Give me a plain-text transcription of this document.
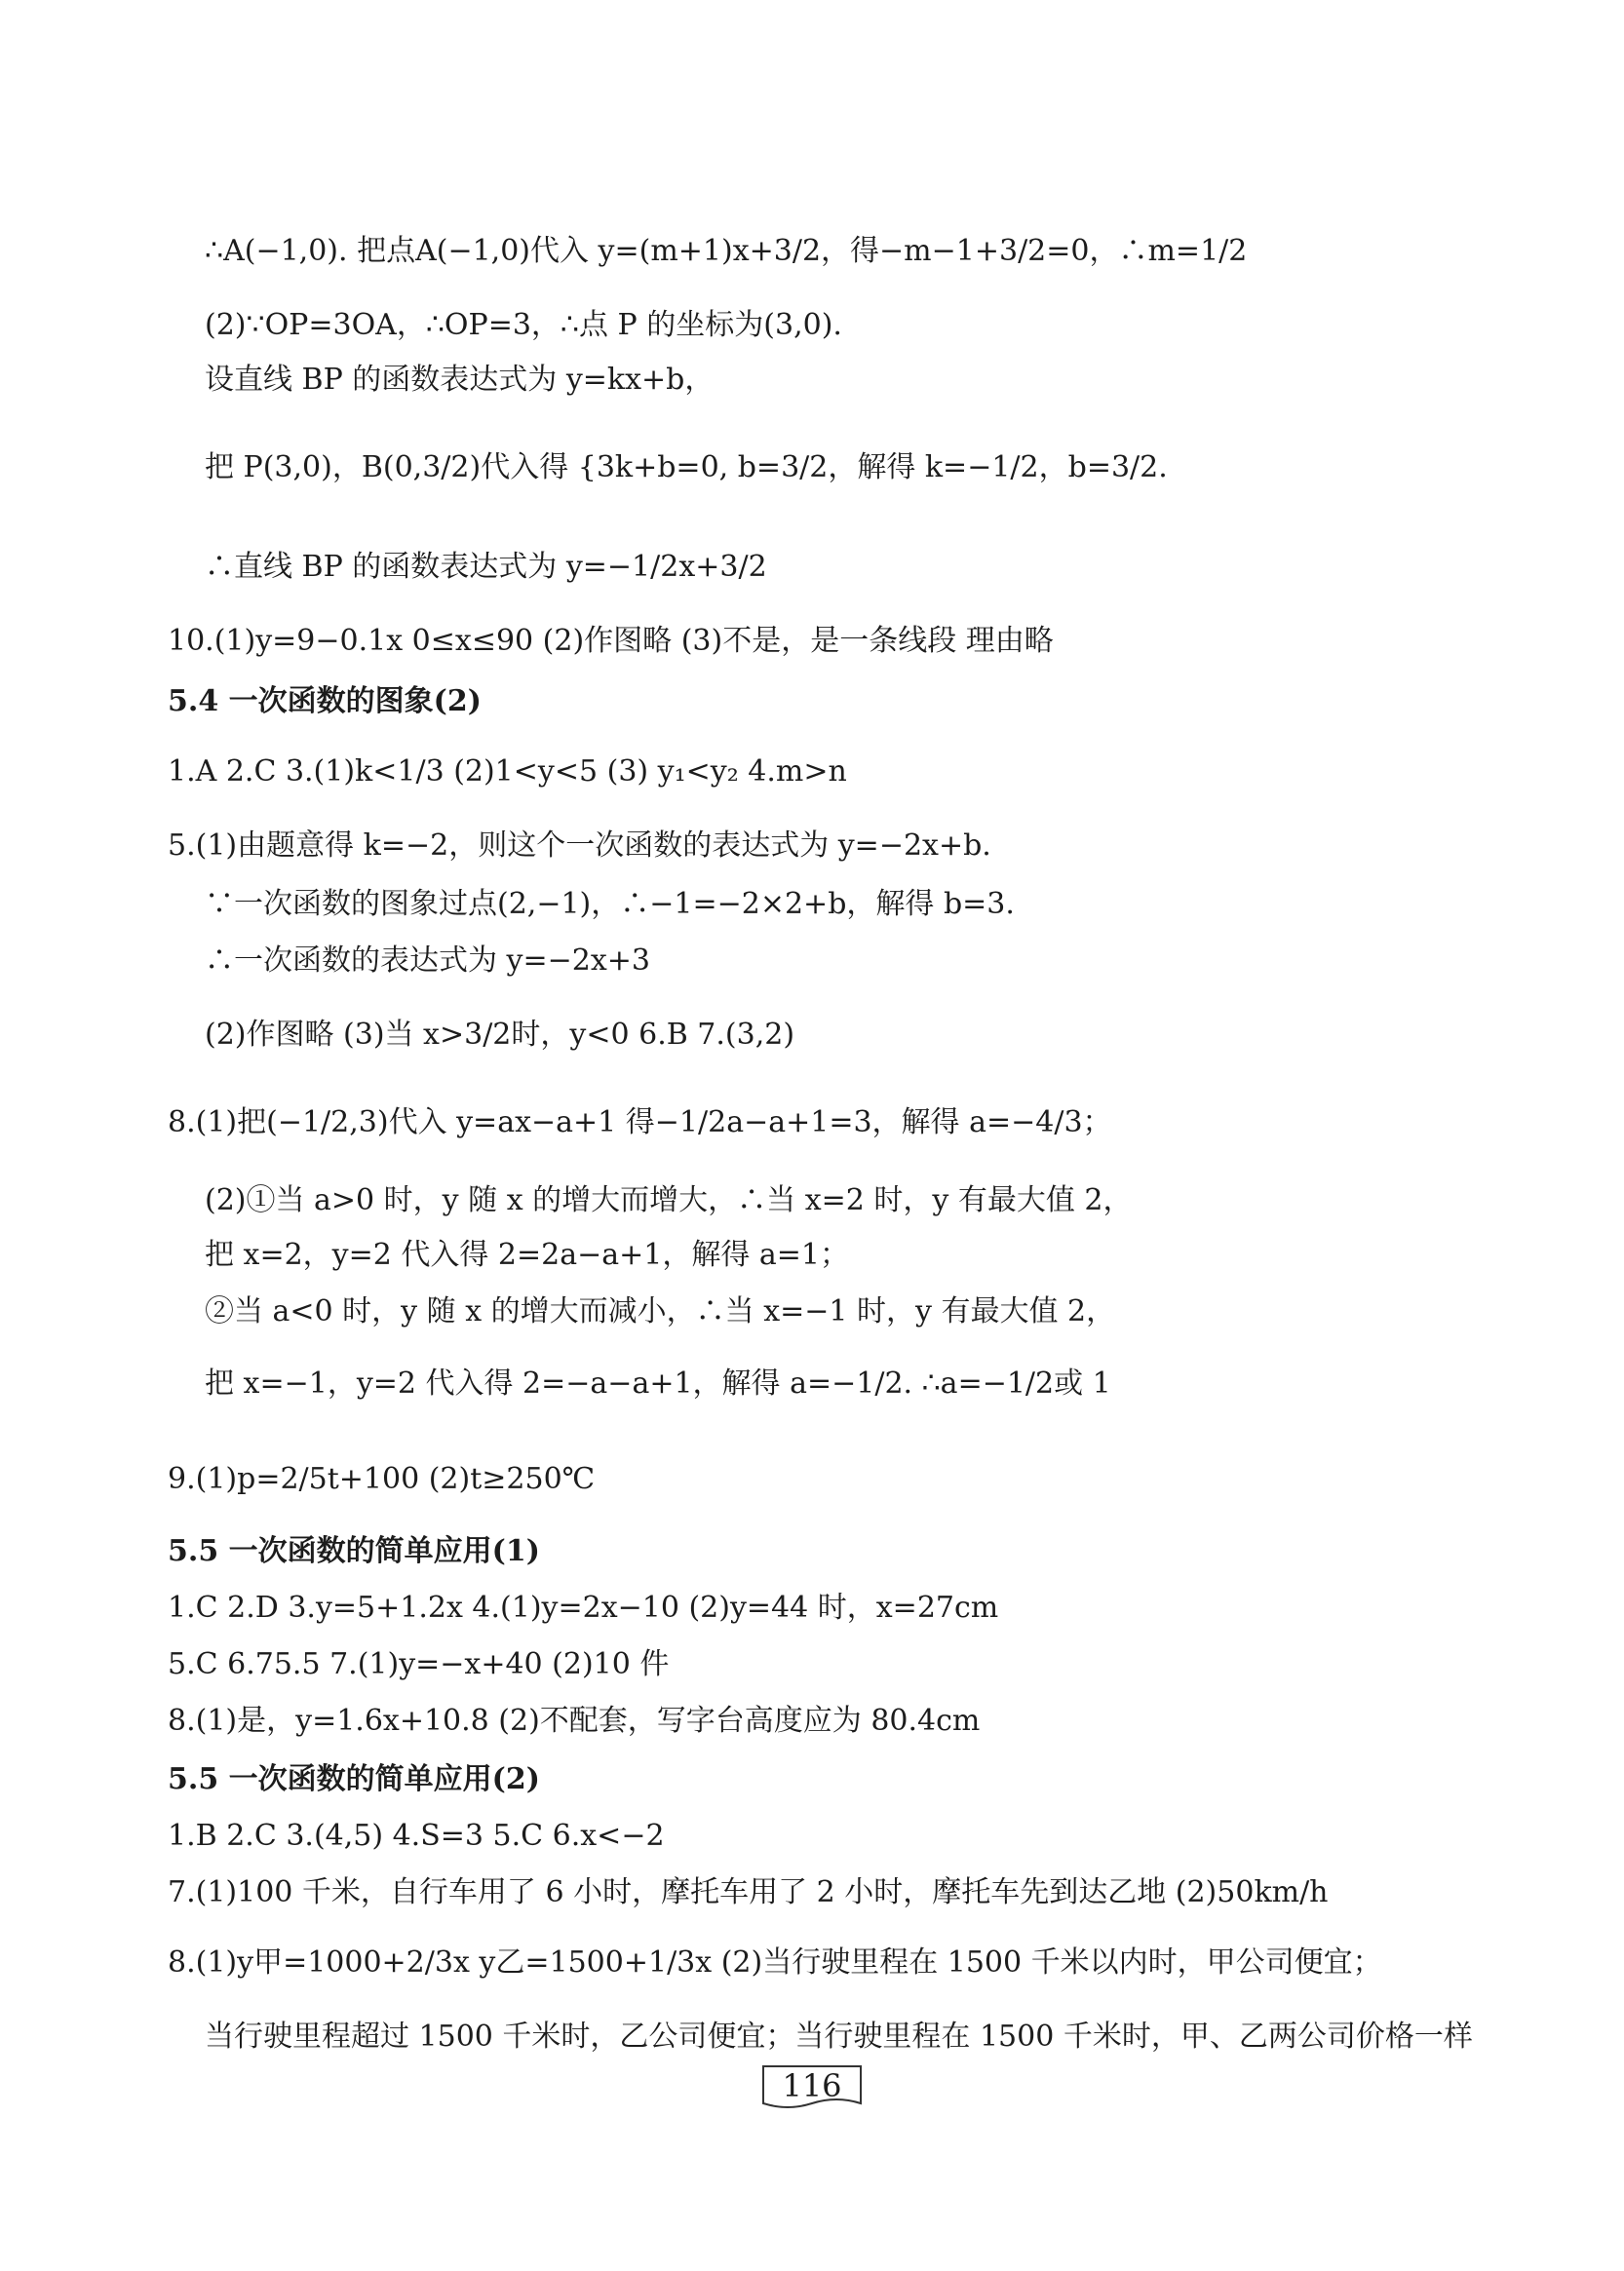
∴A(−1,0). 把点A(−1,0)代入 y=(m+1)x+3/2，得−m−1+3/2=0，∴m=1/2
(2)∵OP=3OA，∴OP=3，∴点 P 的坐标为(3,0).
设直线 BP 的函数表达式为 y=kx+b，
把 P(3,0)，B(0,3/2)代入得 {3k+b=0, b=3/2，解得 k=−1/2，b=3/2.
∴直线 BP 的函数表达式为 y=−1/2x+3/2
10.(1)y=9−0.1x 0≤x≤90 (2)作图略 (3)不是，是一条线段 理由略
5.4 一次函数的图象(2)
1.A 2.C 3.(1)k<1/3 (2)1<y<5 (3) y₁<y₂ 4.m>n
5.(1)由题意得 k=−2，则这个一次函数的表达式为 y=−2x+b.
∵一次函数的图象过点(2,−1)，∴−1=−2×2+b，解得 b=3.
∴一次函数的表达式为 y=−2x+3
(2)作图略 (3)当 x>3/2时，y<0 6.B 7.(3,2)
8.(1)把(−1/2,3)代入 y=ax−a+1 得−1/2a−a+1=3，解得 a=−4/3；
(2)①当 a>0 时，y 随 x 的增大而增大，∴当 x=2 时，y 有最大值 2，
把 x=2，y=2 代入得 2=2a−a+1，解得 a=1；
②当 a<0 时，y 随 x 的增大而减小，∴当 x=−1 时，y 有最大值 2，
把 x=−1，y=2 代入得 2=−a−a+1，解得 a=−1/2. ∴a=−1/2或 1
9.(1)p=2/5t+100 (2)t≥250℃
5.5 一次函数的简单应用(1)
1.C 2.D 3.y=5+1.2x 4.(1)y=2x−10 (2)y=44 时，x=27cm
5.C 6.75.5 7.(1)y=−x+40 (2)10 件
8.(1)是，y=1.6x+10.8 (2)不配套，写字台高度应为 80.4cm
5.5 一次函数的简单应用(2)
1.B 2.C 3.(4,5) 4.S=3 5.C 6.x<−2
7.(1)100 千米，自行车用了 6 小时，摩托车用了 2 小时，摩托车先到达乙地 (2)50km/h
8.(1)y甲=1000+2/3x y乙=1500+1/3x (2)当行驶里程在 1500 千米以内时，甲公司便宜；
当行驶里程超过 1500 千米时，乙公司便宜；当行驶里程在 1500 千米时，甲、乙两公司价格一样
116
